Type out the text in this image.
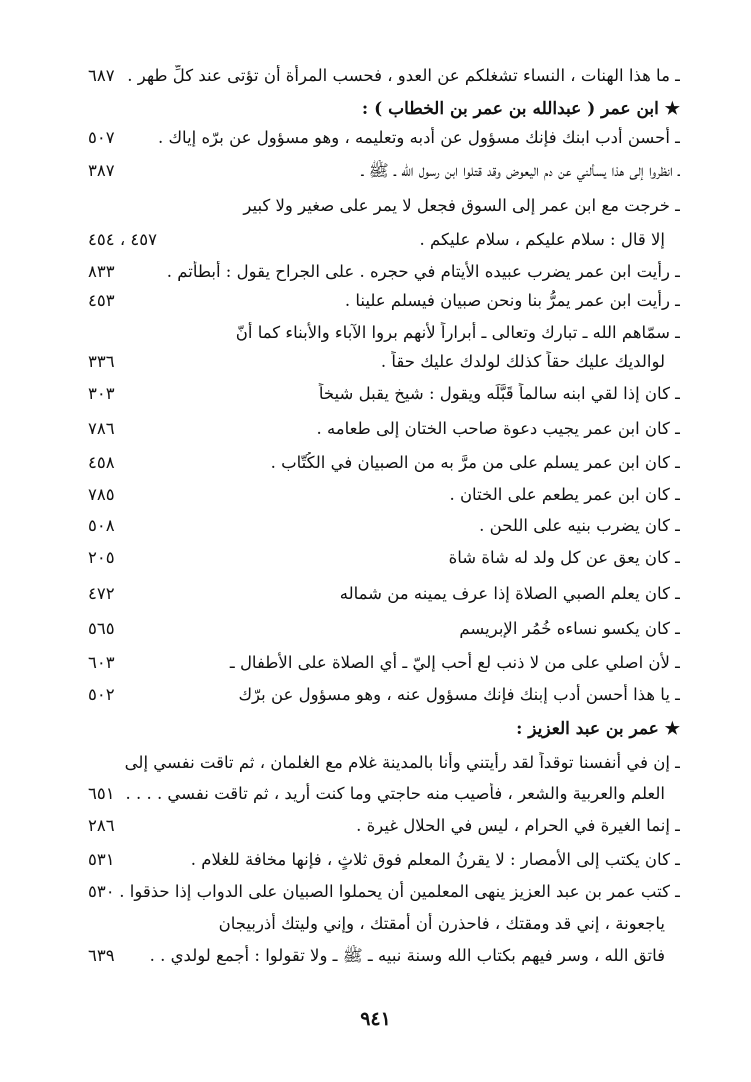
ـ ما هذا الهنات ، النساء تشغلكم عن العدو ، فحسب المرأة أن تؤتى عند كلِّ طهر .
٦٨٧
★ ابن عمر ( عبدالله بن عمر بن الخطاب ) :
ـ أحسن أدب ابنك فإنك مسؤول عن أدبه وتعليمه ، وهو مسؤول عن برّه إياك .
٥٠٧
ـ انظروا إلى هذا يسألني عن دم اليعوض وقد قتلوا ابن رسول الله ـ ﷺ ـ
٣٨٧
ـ خرجت مع ابن عمر إلى السوق فجعل لا يمر على صغير ولا كبير
إلا قال : سلام عليكم ، سلام عليكم .
٤٥٧ ، ٤٥٤
ـ رأيت ابن عمر يضرب عبيده الأيتام في حجره . على الجراح يقول : أبطأتم .
٨٣٣
ـ رأيت ابن عمر يمرُّ بنا ونحن صبيان فيسلم علينا .
٤٥٣
ـ سمّاهم الله ـ تبارك وتعالى ـ أبراراً لأنهم بروا الآباء والأبناء كما أنّ
لوالديك عليك حقاً كذلك لولدك عليك حقاً .
٣٣٦
ـ كان إذا لقي ابنه سالماً قَبَّلَه ويقول : شيخ يقبل شيخاً
٣٠٣
ـ كان ابن عمر يجيب دعوة صاحب الختان إلى طعامه .
٧٨٦
ـ كان ابن عمر يسلم على من مرَّ به من الصبيان في الكُتّاب .
٤٥٨
ـ كان ابن عمر يطعم على الختان .
٧٨٥
ـ كان يضرب بنيه على اللحن .
٥٠٨
ـ كان يعق عن كل ولد له شاة شاة
٢٠٥
ـ كان يعلم الصبي الصلاة إذا عرف يمينه من شماله
٤٧٢
ـ كان يكسو نساءه خُمُر الإبريسم
٥٦٥
ـ لأن اصلي على من لا ذنب لع أحب إليّ ـ أي الصلاة على الأطفال ـ
٦٠٣
ـ يا هذا أحسن أدب إبنك فإنك مسؤول عنه ، وهو مسؤول عن برّك
٥٠٢
★ عمر بن عبد العزيز :
ـ إن في أنفسنا توقداً لقد رأيتني وأنا بالمدينة غلام مع الغلمان ، ثم تاقت نفسي إلى
العلم والعربية والشعر ، فأصيب منه حاجتي وما كنت أريد ، ثم تاقت نفسي . . . .
٦٥١
ـ إنما الغيرة في الحرام ، ليس في الحلال غيرة .
٢٨٦
ـ كان يكتب إلى الأمصار : لا يقرنُ المعلم فوق ثلاثٍ ، فإنها مخافة للغلام .
٥٣١
ـ كتب عمر بن عبد العزيز ينهى المعلمين أن يحملوا الصبيان على الدواب إذا حذقوا .
٥٣٠
ياجعونة ، إني قد ومقتك ، فاحذرن أن أمقتك ، وإني وليتك أذربيجان
فاتق الله ، وسر فيهم بكتاب الله وسنة نبيه ـ ﷺ ـ ولا تقولوا : أجمع لولدي . .
٦٣٩
٩٤١
